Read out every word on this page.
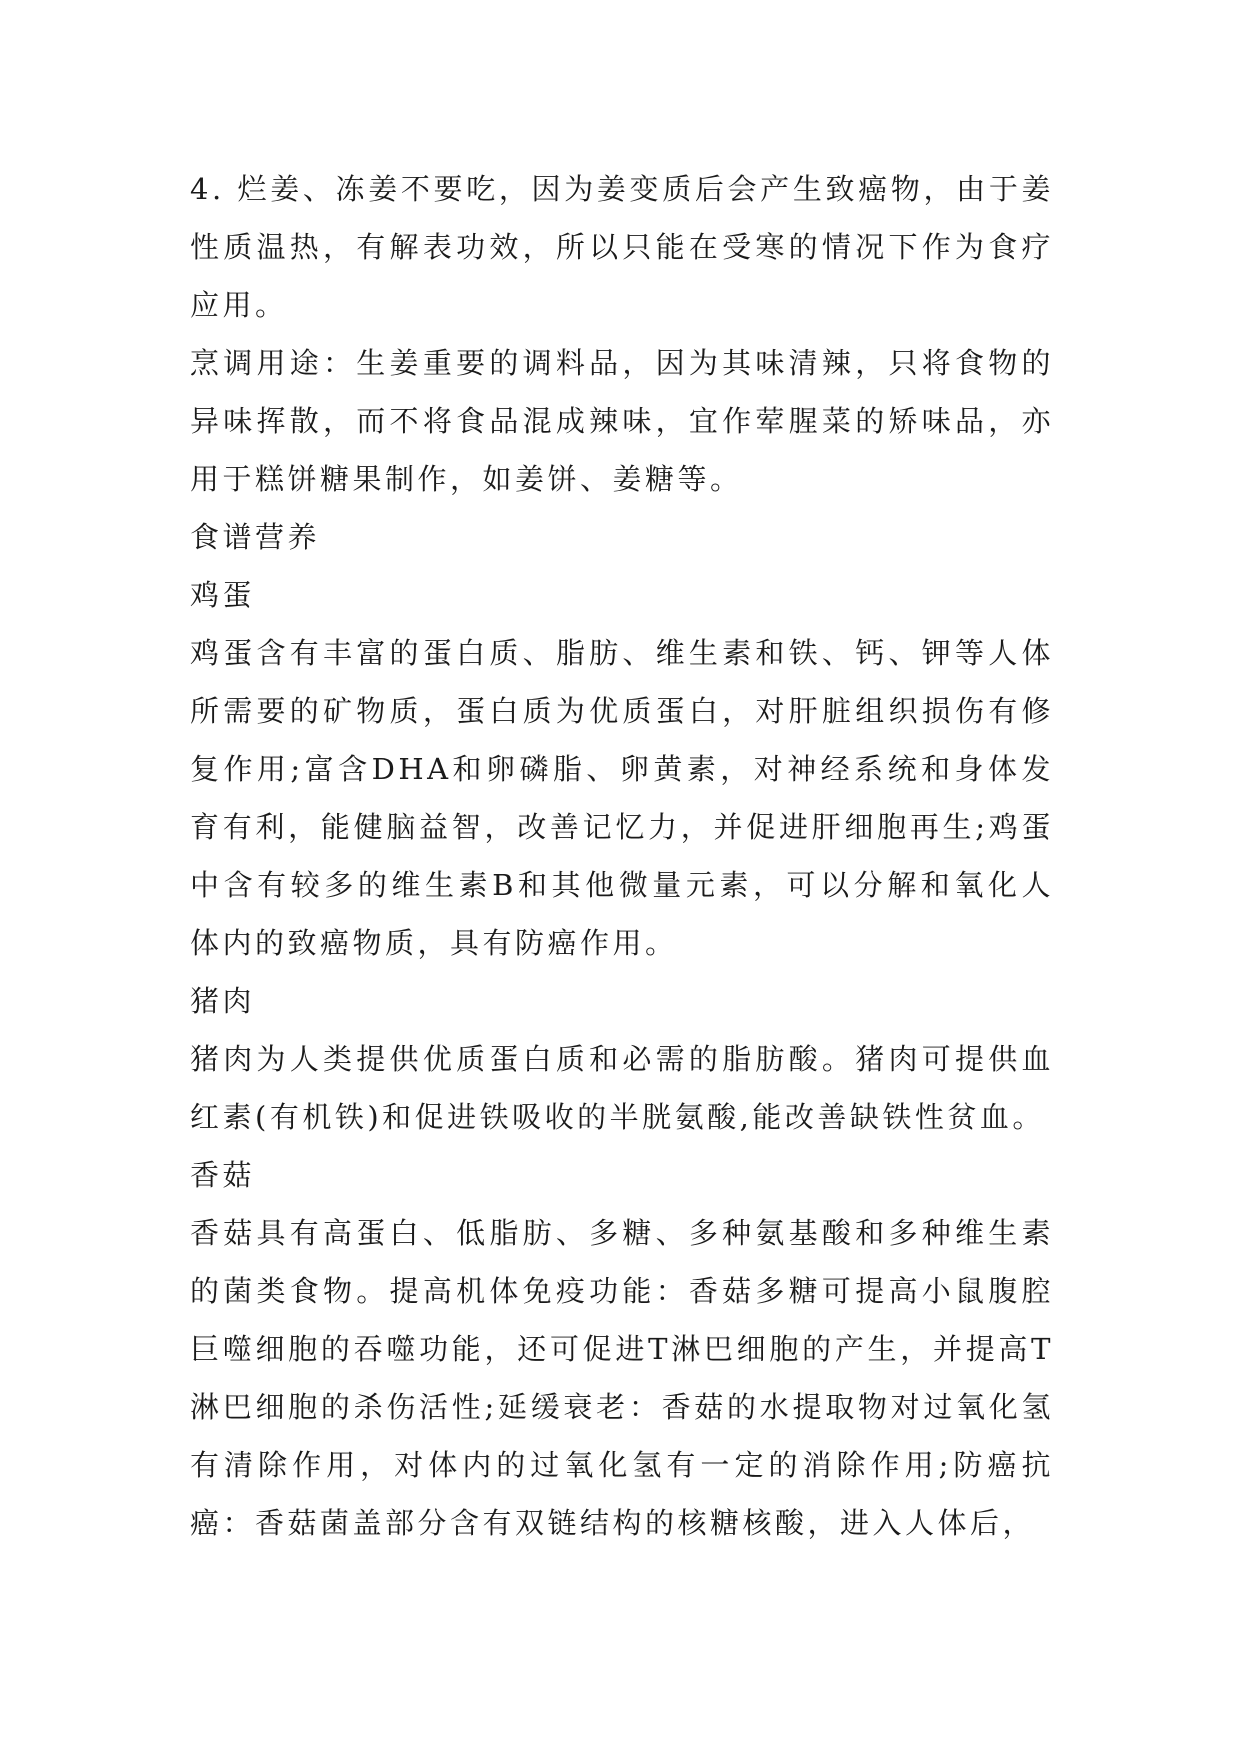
4. 烂姜、冻姜不要吃，因为姜变质后会产生致癌物，由于姜性质温热，有解表功效，所以只能在受寒的情况下作为食疗应用。

烹调用途：生姜重要的调料品，因为其味清辣，只将食物的异味挥散，而不将食品混成辣味，宜作荤腥菜的矫味品，亦用于糕饼糖果制作，如姜饼、姜糖等。

食谱营养

鸡蛋

鸡蛋含有丰富的蛋白质、脂肪、维生素和铁、钙、钾等人体所需要的矿物质，蛋白质为优质蛋白，对肝脏组织损伤有修复作用;富含DHA和卵磷脂、卵黄素，对神经系统和身体发育有利，能健脑益智，改善记忆力，并促进肝细胞再生;鸡蛋中含有较多的维生素B和其他微量元素，可以分解和氧化人体内的致癌物质，具有防癌作用。

猪肉

猪肉为人类提供优质蛋白质和必需的脂肪酸。猪肉可提供血红素(有机铁)和促进铁吸收的半胱氨酸,能改善缺铁性贫血。

香菇

香菇具有高蛋白、低脂肪、多糖、多种氨基酸和多种维生素的菌类食物。提高机体免疫功能：香菇多糖可提高小鼠腹腔巨噬细胞的吞噬功能，还可促进T淋巴细胞的产生，并提高T淋巴细胞的杀伤活性;延缓衰老：香菇的水提取物对过氧化氢有清除作用，对体内的过氧化氢有一定的消除作用;防癌抗癌：香菇菌盖部分含有双链结构的核糖核酸，进入人体后，
